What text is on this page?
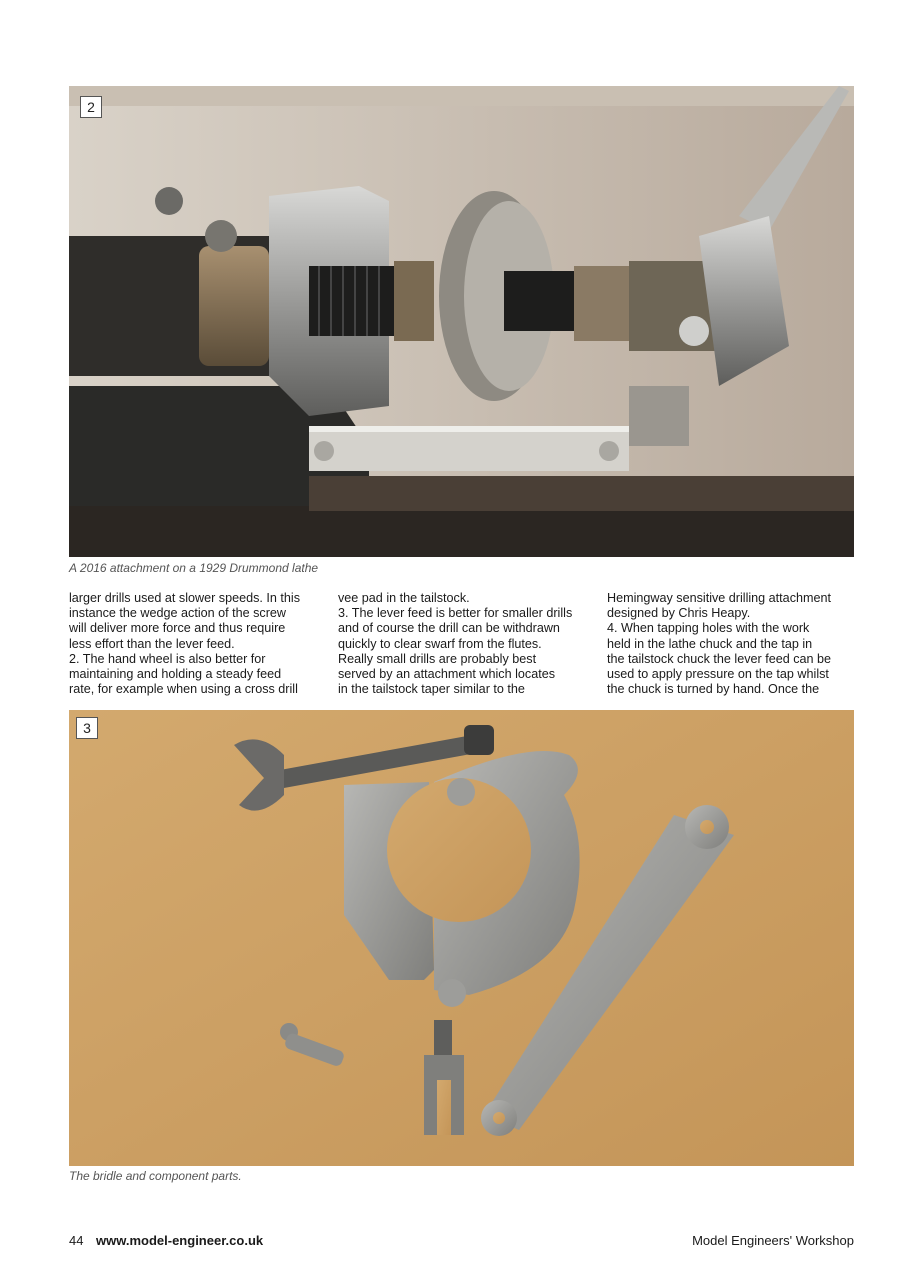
2
A 2016 attachment on a 1929 Drummond lathe
larger drills used at slower speeds. In this
instance the wedge action of the screw
will deliver more force and thus require
less effort than the lever feed.
2. The hand wheel is also better for
maintaining and holding a steady feed
rate, for example when using a cross drill
vee pad in the tailstock.
3. The lever feed is better for smaller drills
and of course the drill can be withdrawn
quickly to clear swarf from the flutes.
Really small drills are probably best
served by an attachment which locates
in the tailstock taper similar to the
Hemingway sensitive drilling attachment
designed by Chris Heapy.
4. When tapping holes with the work
held in the lathe chuck and the tap in
the tailstock chuck the lever feed can be
used to apply pressure on the tap whilst
the chuck is turned by hand. Once the
3
The bridle and component parts.
44 www.model-engineer.co.uk	Model Engineers' Workshop
